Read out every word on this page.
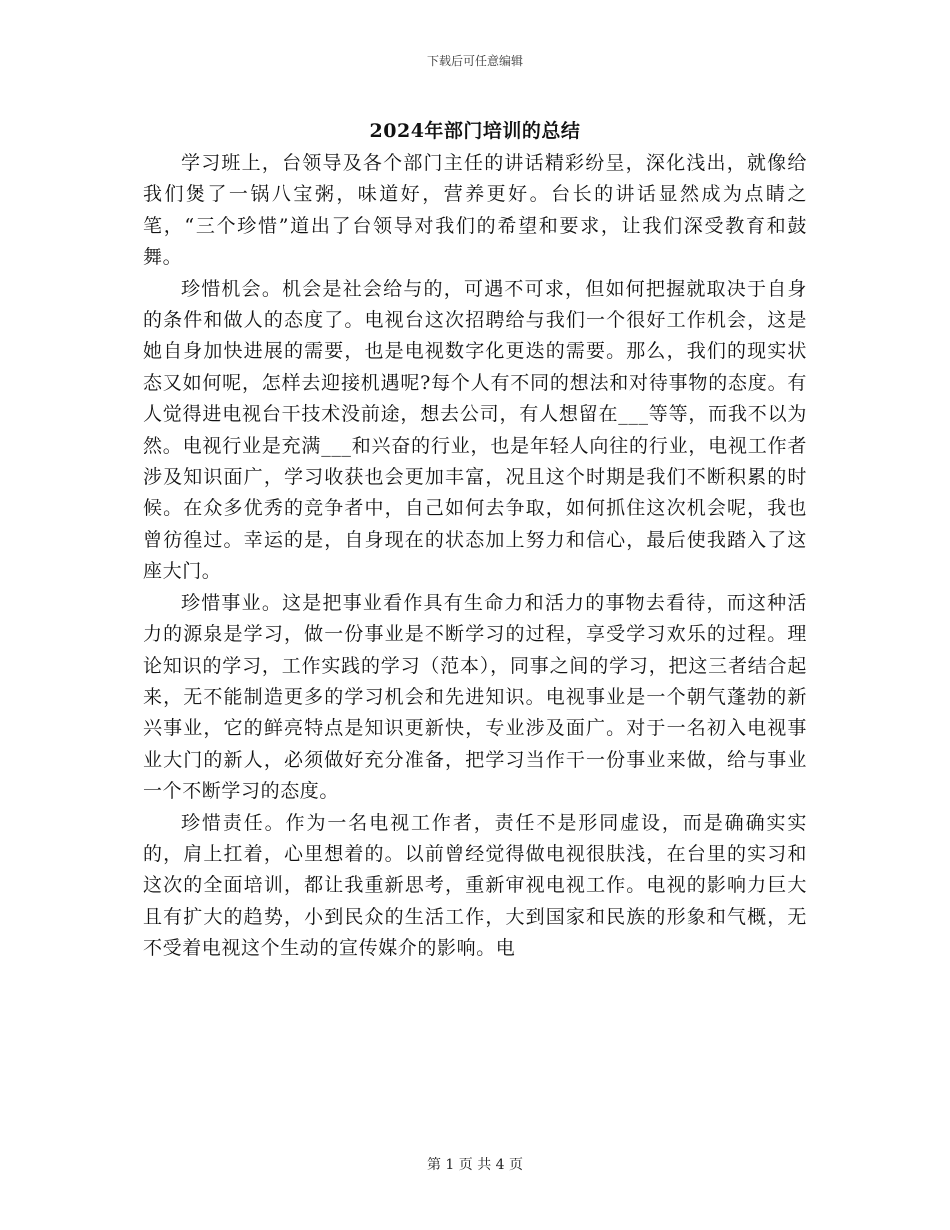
下载后可任意编辑
2024年部门培训的总结

学习班上，台领导及各个部门主任的讲话精彩纷呈，深化浅出，就像给我们煲了一锅八宝粥，味道好，营养更好。台长的讲话显然成为点睛之笔，“三个珍惜”道出了台领导对我们的希望和要求，让我们深受教育和鼓舞。

珍惜机会。机会是社会给与的，可遇不可求，但如何把握就取决于自身的条件和做人的态度了。电视台这次招聘给与我们一个很好工作机会，这是她自身加快进展的需要，也是电视数字化更迭的需要。那么，我们的现实状态又如何呢，怎样去迎接机遇呢?每个人有不同的想法和对待事物的态度。有人觉得进电视台干技术没前途，想去公司，有人想留在___等等，而我不以为然。电视行业是充满___和兴奋的行业，也是年轻人向往的行业，电视工作者涉及知识面广，学习收获也会更加丰富，况且这个时期是我们不断积累的时候。在众多优秀的竞争者中，自己如何去争取，如何抓住这次机会呢，我也曾彷徨过。幸运的是，自身现在的状态加上努力和信心，最后使我踏入了这座大门。

珍惜事业。这是把事业看作具有生命力和活力的事物去看待，而这种活力的源泉是学习，做一份事业是不断学习的过程，享受学习欢乐的过程。理论知识的学习，工作实践的学习（范本），同事之间的学习，把这三者结合起来，无不能制造更多的学习机会和先进知识。电视事业是一个朝气蓬勃的新兴事业，它的鲜亮特点是知识更新快，专业涉及面广。对于一名初入电视事业大门的新人，必须做好充分准备，把学习当作干一份事业来做，给与事业一个不断学习的态度。

珍惜责任。作为一名电视工作者，责任不是形同虚设，而是确确实实的，肩上扛着，心里想着的。以前曾经觉得做电视很肤浅，在台里的实习和这次的全面培训，都让我重新思考，重新审视电视工作。电视的影响力巨大且有扩大的趋势，小到民众的生活工作，大到国家和民族的形象和气概，无不受着电视这个生动的宣传媒介的影响。电

第 1 页 共 4 页
